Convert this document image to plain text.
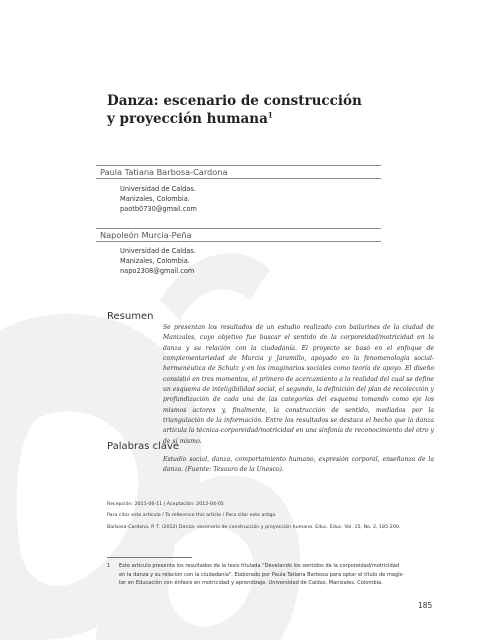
Danza: escenario de construcción
y proyección humana$^1$
Paula Tatiana Barbosa-Cardona
Universidad de Caldas.
Manizales, Colombia.
paotb0730@gmail.com
Napoleón Murcia-Peña
Universidad de Caldas.
Manizales, Colombia.
napo2308@gmail.com
Resumen
Se presentan los resultados de un estudio realizado con bailarines de la ciudad de Manizales, cuyo objetivo fue buscar el sentido de la corporeidad/motricidad en la danza y su relación con la ciudadanía. El proyecto se basó en el enfoque de complementariedad de Murcia y Jaramillo, apoyado en la fenomenología social-hermenéutica de Schutz y en los imaginarios sociales como teoría de apoyo. El diseño consistió en tres momentos, el primero de acercamiento a la realidad del cual se define un esquema de inteligibilidad social, el segundo, la definición del plan de recolección y profundización de cada una de las categorías del esquema tomando como eje los mismos actores y, finalmente, la construcción de sentido, mediados por la triangulación de la información. Entre los resultados se destaca el hecho que la danza articula la técnica-corporeidad/motricidad en una sinfonía de reconocimiento del otro y de sí mismo.
Palabras clave
Estudio social, danza, comportamiento humano, expresión corporal, enseñanza de la danza. (Fuente: Tesauro de la Unesco).
Recepción: 2011-06-11 | Aceptación: 2012-04-05
Para citar este artículo / To reference this article / Para citar este artigo
Barbosa-Cardona, P. T. (2012) Danza: escenario de construcción y proyección humana. Educ. Educ. Vol. 15, No. 2, 185-200.
1 Este artículo presenta los resultados de la tesis titulada "Develando los sentidos de la corporeidad/motricidad
en la danza y su relación con la ciudadanía". Elaborado por Paula Tatiana Barbosa para optar el título de magís-
ter en Educación con énfasis en motricidad y aprendizaje. Universidad de Caldas, Manizales, Colombia.
185
